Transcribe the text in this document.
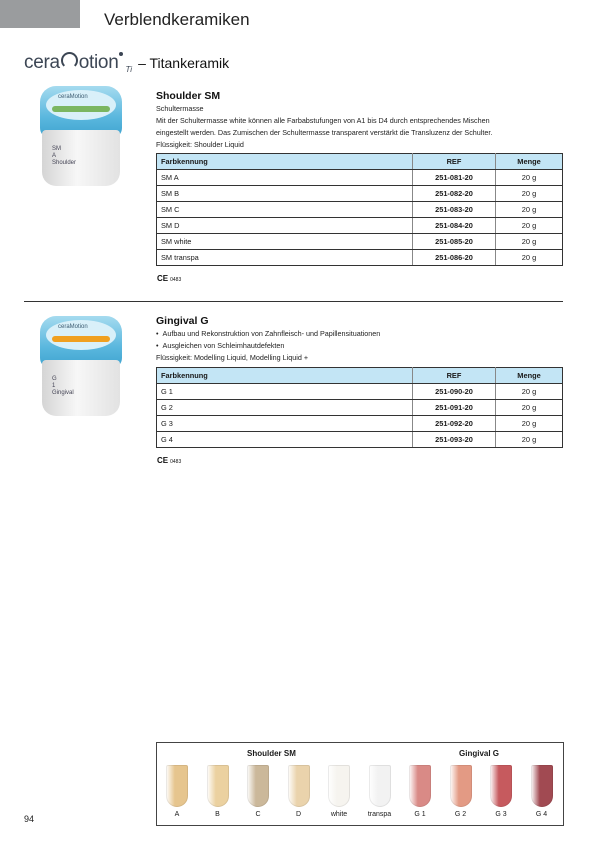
Verblendkeramiken
cera otion Ti – Titankeramik
ceraMotion
SM
A
Shoulder
Shoulder SM

Schultermasse

Mit der Schultermasse white können alle Farbabstufungen von A1 bis D4 durch entsprechendes Mischen

eingestellt werden. Das Zumischen der Schultermasse transparent verstärkt die Transluzenz der Schulter.

Flüssigkeit: Shoulder Liquid

Farbkennung	REF	Menge
SM A	251-081-20	20 g
SM B	251-082-20	20 g
SM C	251-083-20	20 g
SM D	251-084-20	20 g
SM white	251-085-20	20 g
SM transpa	251-086-20	20 g
CE 0483
ceraMotion
G
1
Gingival
Gingival G

• Aufbau und Rekonstruktion von Zahnfleisch- und Papillensituationen

• Ausgleichen von Schleimhautdefekten

Flüssigkeit: Modelling Liquid, Modelling Liquid +

Farbkennung	REF	Menge
G 1	251-090-20	20 g
G 2	251-091-20	20 g
G 3	251-092-20	20 g
G 4	251-093-20	20 g
CE 0483
Shoulder SM	Gingival G
A	B	C	D	white	transpa	G 1	G 2	G 3	G 4
94
